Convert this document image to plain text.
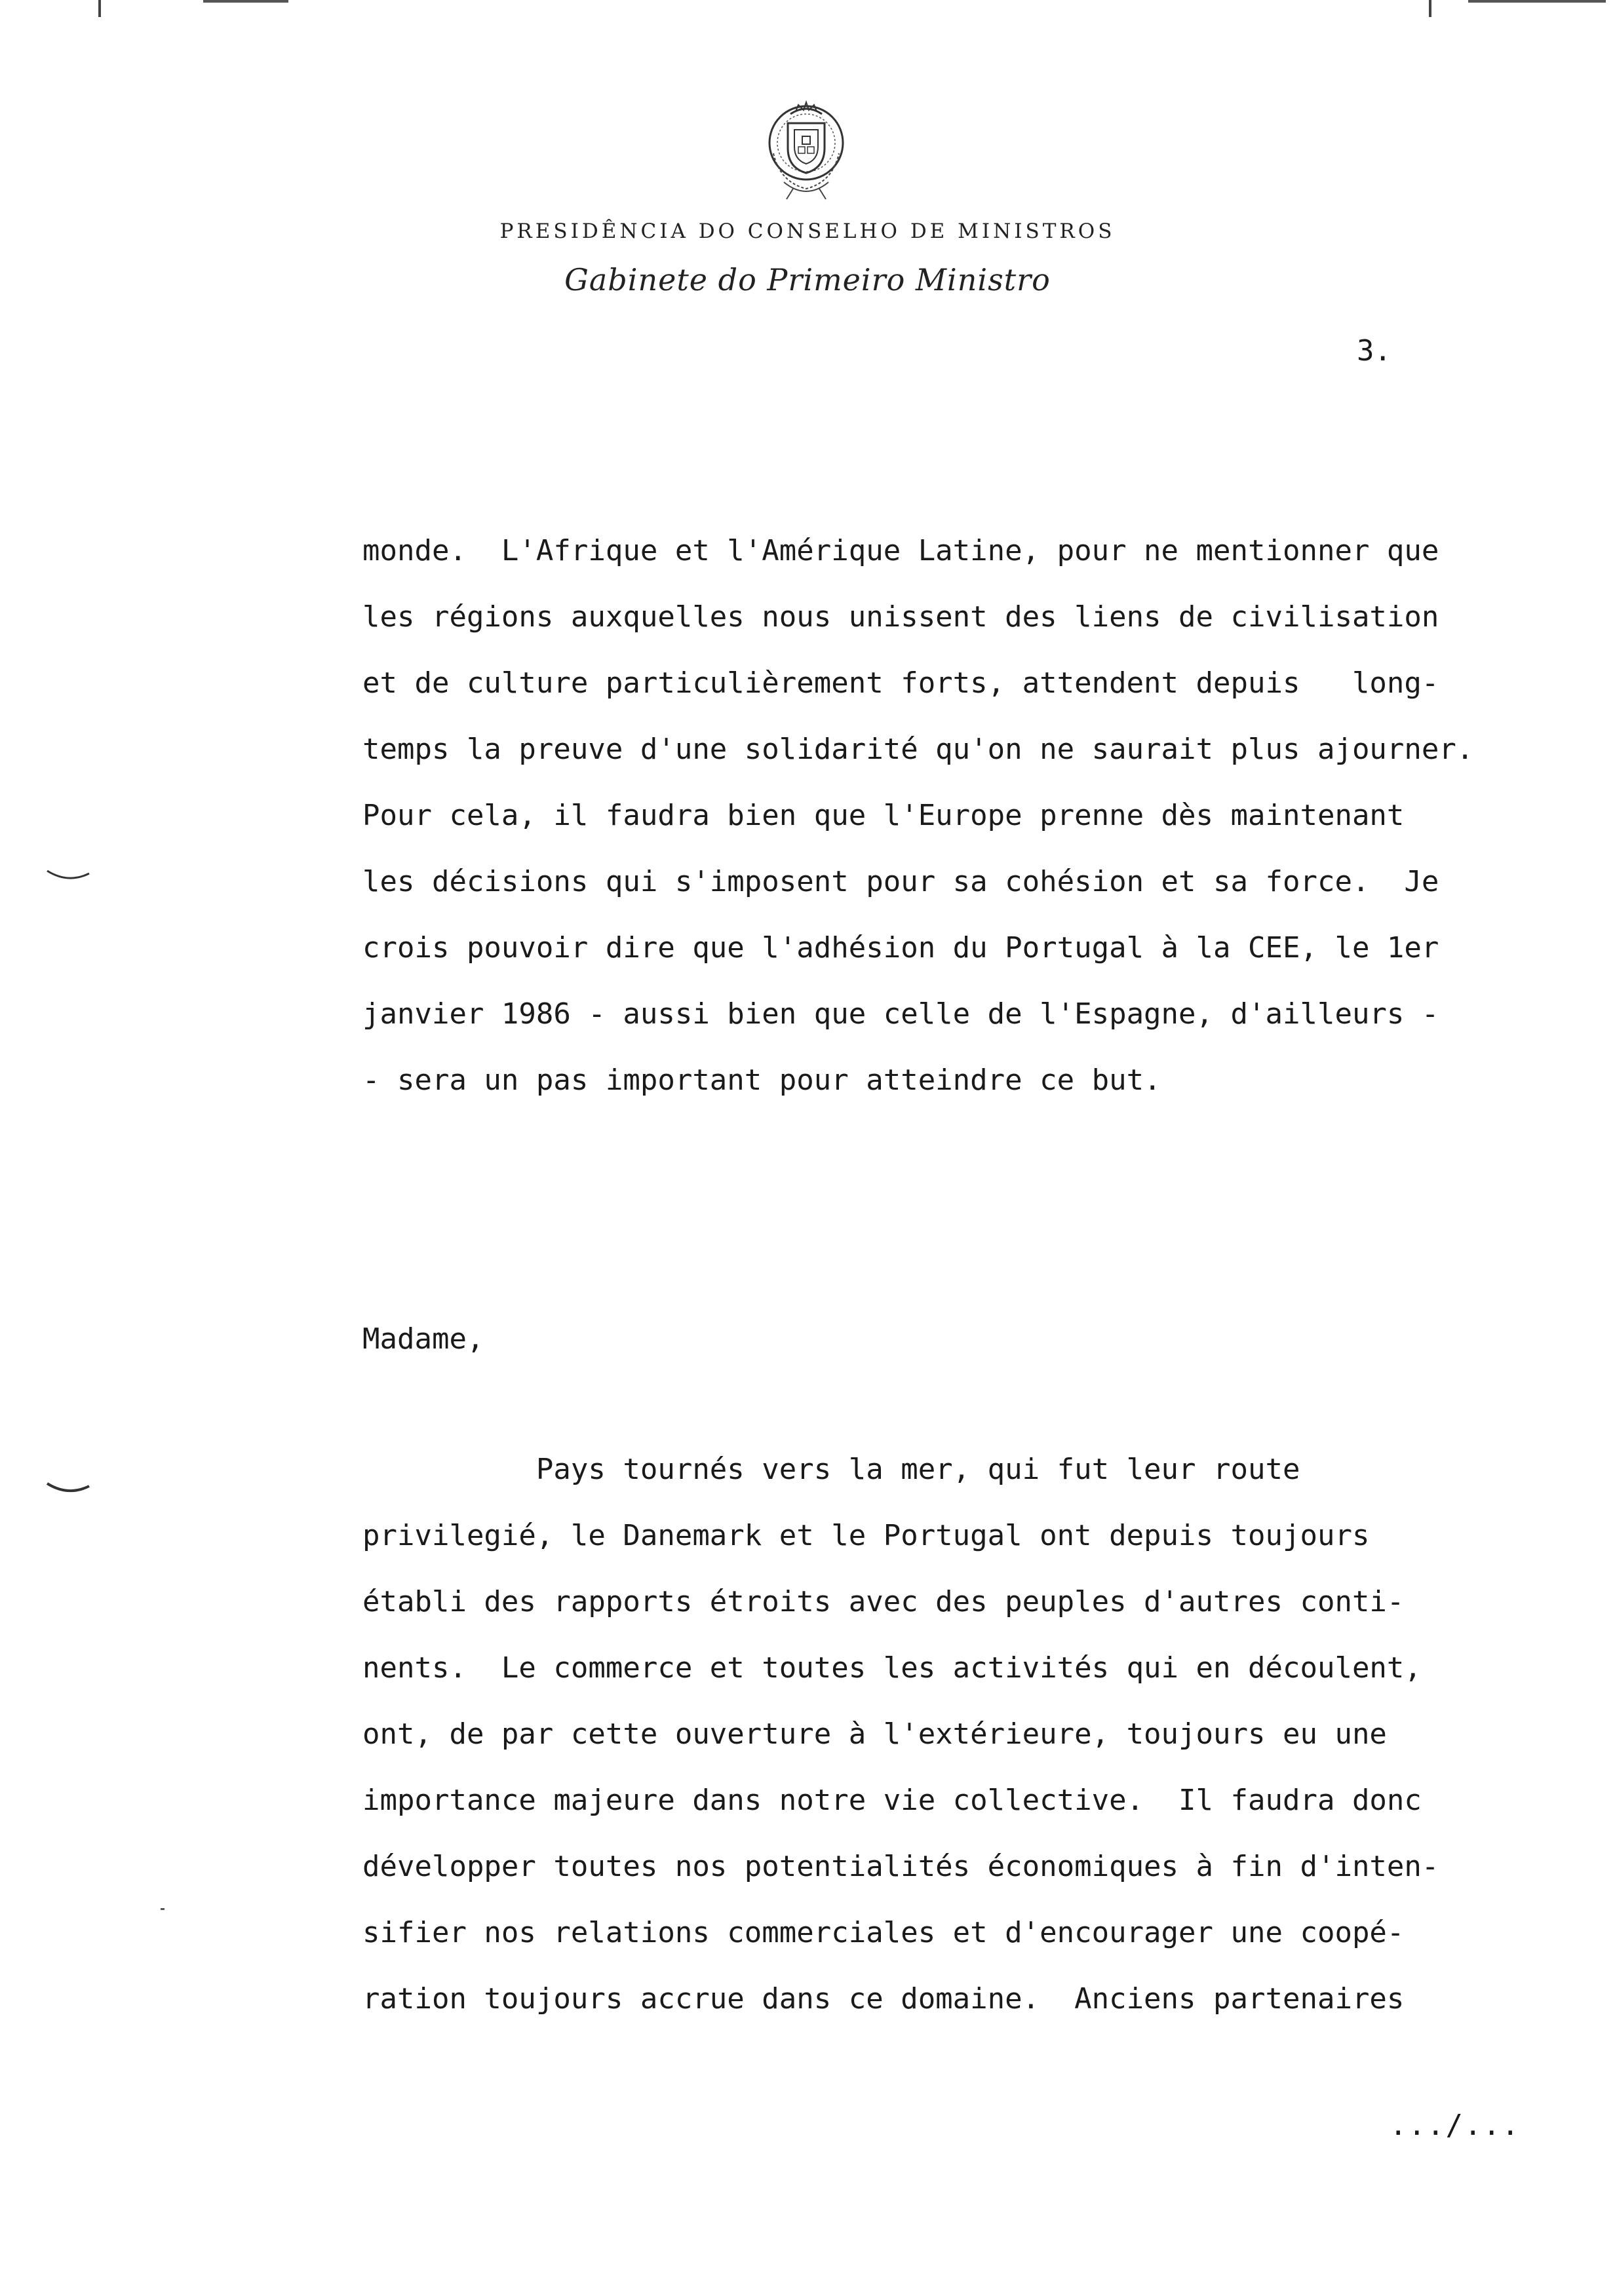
PRESIDÊNCIA DO CONSELHO DE MINISTROS
Gabinete do Primeiro Ministro
3.
monde.  L'Afrique et l'Amérique Latine, pour ne mentionner que
les régions auxquelles nous unissent des liens de civilisation
et de culture particulièrement forts, attendent depuis   long-
temps la preuve d'une solidarité qu'on ne saurait plus ajourner.
Pour cela, il faudra bien que l'Europe prenne dès maintenant
les décisions qui s'imposent pour sa cohésion et sa force.  Je
crois pouvoir dire que l'adhésion du Portugal à la CEE, le 1er
janvier 1986 - aussi bien que celle de l'Espagne, d'ailleurs -
- sera un pas important pour atteindre ce but.
Madame,
Pays tournés vers la mer, qui fut leur route
privilegié, le Danemark et le Portugal ont depuis toujours
établi des rapports étroits avec des peuples d'autres conti-
nents.  Le commerce et toutes les activités qui en découlent,
ont, de par cette ouverture à l'extérieure, toujours eu une
importance majeure dans notre vie collective.  Il faudra donc
développer toutes nos potentialités économiques à fin d'inten-
sifier nos relations commerciales et d'encourager une coopé-
ration toujours accrue dans ce domaine.  Anciens partenaires
.../...
